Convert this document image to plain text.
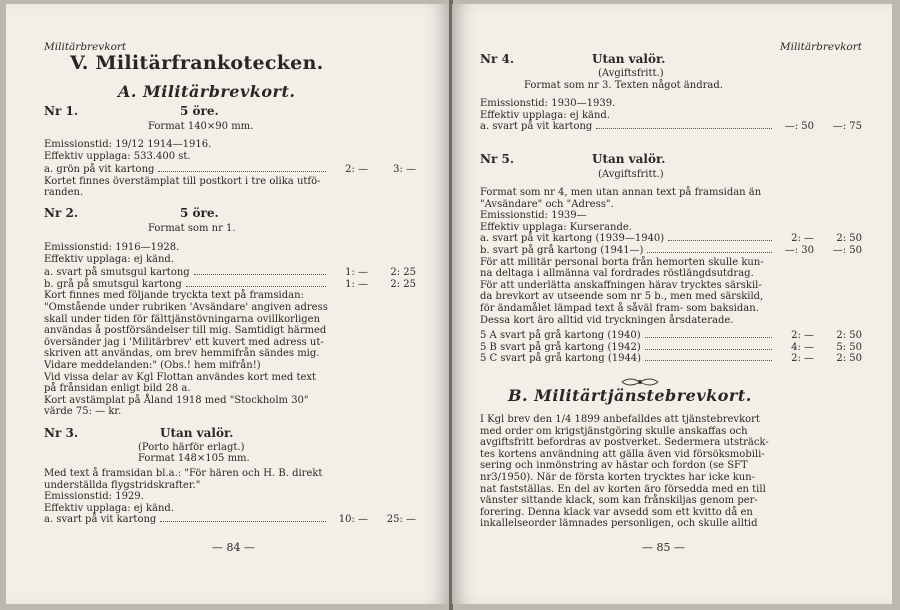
Militärbrevkort
V. Militärfrankotecken.
A. Militärbrevkort.
Nr 1.	5 öre.
Format 140×90 mm.
Emissionstid: 19/12 1914—1916.
Effektiv upplaga: 533.400 st.
a. grön på vit kartong	2: —	3: —
Kortet finnes överstämplat till postkort i tre olika utfö-
randen.
Nr 2.	5 öre.
Format som nr 1.
Emissionstid: 1916—1928.
Effektiv upplaga: ej känd.
a. svart på smutsgul kartong	1: —	2: 25
b. grå på smutsgul kartong	1: —	2: 25
Kort finnes med följande tryckta text på framsidan:
"Omstående under rubriken 'Avsändare' angiven adress
skall under tiden för fälttjänstövningarna ovillkorligen
användas å postförsändelser till mig. Samtidigt härmed
översänder jag i 'Militärbrev' ett kuvert med adress ut-
skriven att användas, om brev hemmifrån sändes mig.
Vidare meddelanden:" (Obs.! hem mifrån!)
Vid vissa delar av Kgl Flottan användes kort med text
på frånsidan enligt bild 28 a.
Kort avstämplat på Åland 1918 med "Stockholm 30"
värde 75: — kr.
Nr 3.	Utan valör.
(Porto härför erlagt.)
Format 148×105 mm.
Med text å framsidan bl.a.: "För hären och H. B. direkt
underställda flygstridskrafter."
Emissionstid: 1929.
Effektiv upplaga: ej känd.
a. svart på vit kartong	10: —	25: —
— 84 —
Militärbrevkort
Nr 4.	Utan valör.
(Avgiftsfritt.)
Format som nr 3. Texten något ändrad.
Emissionstid: 1930—1939.
Effektiv upplaga: ej känd.
a. svart på vit kartong	—: 50	—: 75
Nr 5.	Utan valör.
(Avgiftsfritt.)
Format som nr 4, men utan annan text på framsidan än
"Avsändare" och "Adress".
Emissionstid: 1939—
Effektiv upplaga: Kurserande.
a. svart på vit kartong (1939—1940)	2: —	2: 50
b. svart på grå kartong (1941—)	—: 30	—: 50
För att militär personal borta från hemorten skulle kun-
na deltaga i allmänna val fordrades röstlängdsutdrag.
För att underlätta anskaffningen härav trycktes särskil-
da brevkort av utseende som nr 5 b., men med särskild,
för ändamålet lämpad text å såväl fram- som baksidan.
Dessa kort äro alltid vid tryckningen årsdaterade.
5 A svart på grå kartong (1940)	2: —	2: 50
5 B svart på grå kartong (1942)	4: —	5: 50
5 C svart på grå kartong (1944)	2: —	2: 50
B. Militärtjänstebrevkort.
I Kgl brev den 1/4 1899 anbefalldes att tjänstebrevkort
med order om krigstjänstgöring skulle anskaffas och
avgiftsfritt befordras av postverket. Sedermera utsträck-
tes kortens användning att gälla även vid försöksmobili-
sering och inmönstring av hästar och fordon (se SFT
nr3/1950). När de första korten trycktes har icke kun-
nat fastställas. En del av korten äro försedda med en till
vänster sittande klack, som kan frånskiljas genom per-
forering. Denna klack var avsedd som ett kvitto då en
inkallelseorder lämnades personligen, och skulle alltid
— 85 —
